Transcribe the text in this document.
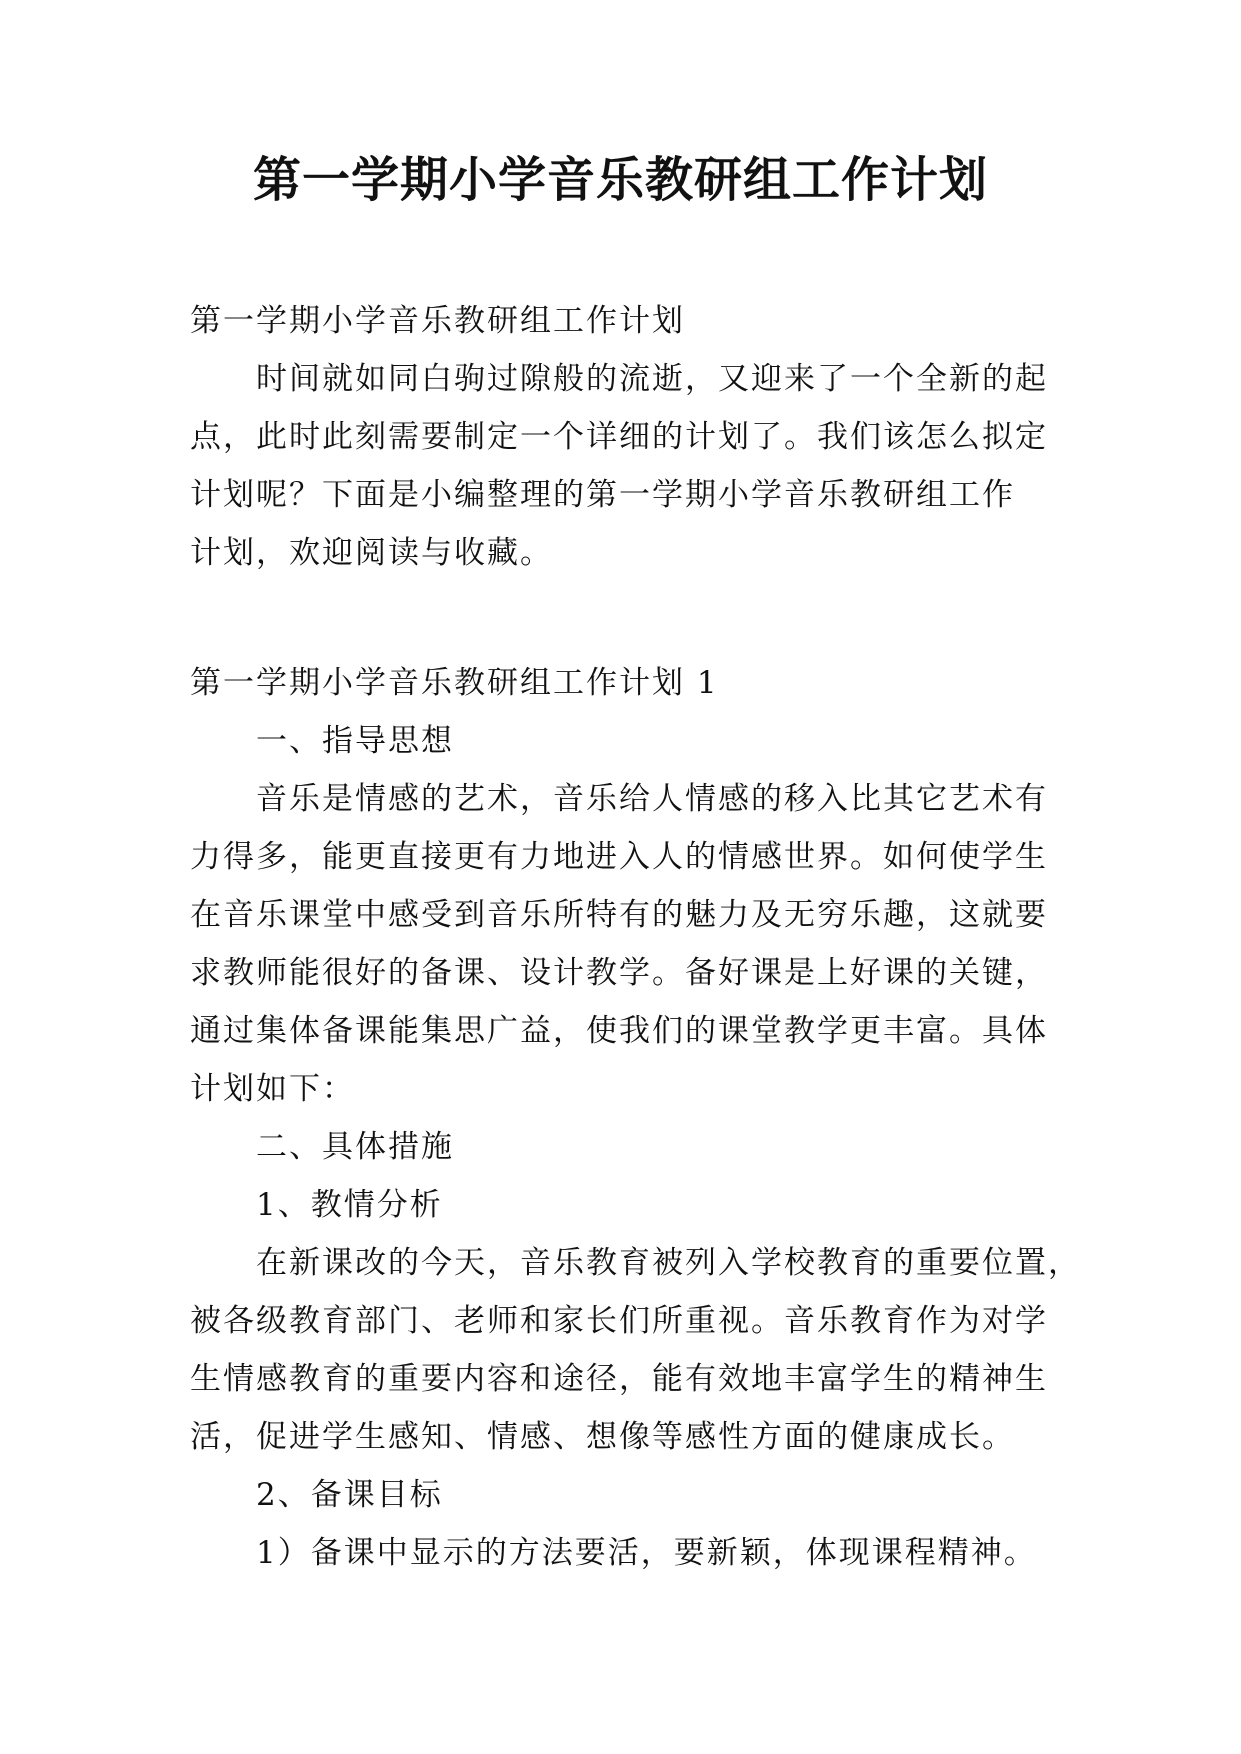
第一学期小学音乐教研组工作计划
第一学期小学音乐教研组工作计划
时间就如同白驹过隙般的流逝，又迎来了一个全新的起
点，此时此刻需要制定一个详细的计划了。我们该怎么拟定
计划呢？下面是小编整理的第一学期小学音乐教研组工作
计划，欢迎阅读与收藏。
第一学期小学音乐教研组工作计划 1
一、指导思想
音乐是情感的艺术，音乐给人情感的移入比其它艺术有
力得多，能更直接更有力地进入人的情感世界。如何使学生
在音乐课堂中感受到音乐所特有的魅力及无穷乐趣，这就要
求教师能很好的备课、设计教学。备好课是上好课的关键，
通过集体备课能集思广益，使我们的课堂教学更丰富。具体
计划如下：
二、具体措施
1、教情分析
在新课改的今天，音乐教育被列入学校教育的重要位置，
被各级教育部门、老师和家长们所重视。音乐教育作为对学
生情感教育的重要内容和途径，能有效地丰富学生的精神生
活，促进学生感知、情感、想像等感性方面的健康成长。
2、备课目标
1）备课中显示的方法要活，要新颖，体现课程精神。
